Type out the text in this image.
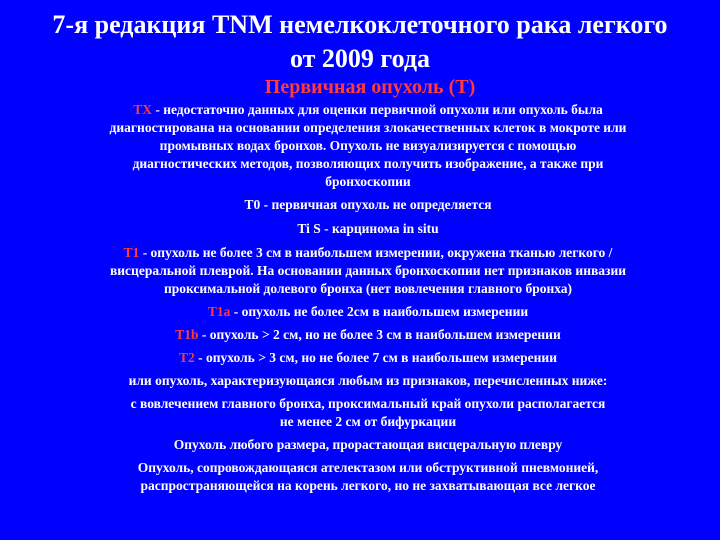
7-я редакция TNM немелкоклеточного рака легкого
от 2009 года
Первичная опухоль (T)
TX - недостаточно данных для оценки первичной опухоли или опухоль была
диагностирована на основании определения злокачественных клеток в мокроте или
промывных водах бронхов. Опухоль не визуализируется с помощью
диагностических методов, позволяющих получить изображение, а также при
бронхоскопии
T0 - первичная опухоль не определяется
Ti S - карцинома in situ
T1 - опухоль не более 3 см в наибольшем измерении, окружена тканью легкого /
висцеральной плеврой. На основании данных бронхоскопии нет признаков инвазии
проксимальной долевого бронха (нет вовлечения главного бронха)
T1a - опухоль не более 2см в наибольшем измерении
T1b - опухоль > 2 см, но не более 3 см в наибольшем измерении
T2 - опухоль > 3 см, но не более 7 см в наибольшем измерении
или опухоль, характеризующаяся любым из признаков, перечисленных ниже:
с вовлечением главного бронха, проксимальный край опухоли располагается
не менее 2 см от бифуркации
Опухоль любого размера, прорастающая висцеральную плевру
Опухоль, сопровождающаяся ателектазом или обструктивной пневмонией,
распространяющейся на корень легкого, но не захватывающая все легкое
